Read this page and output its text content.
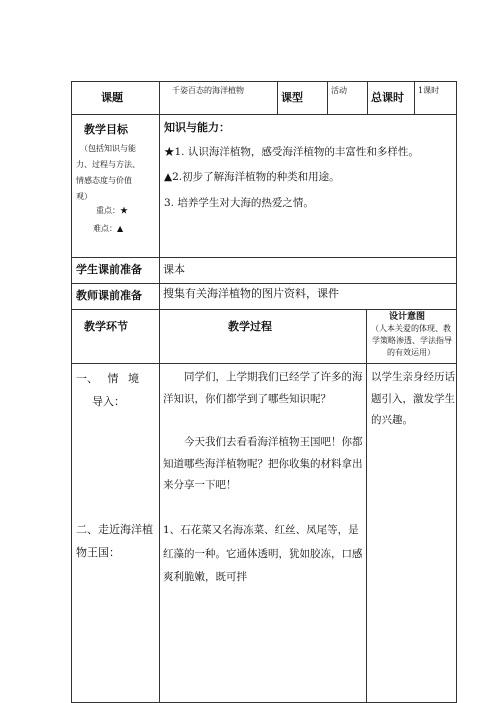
课题
千姿百态的海洋植物
课型
活动
总课时
1课时
教学目标
（包括知识与能
力、过程与方法、
情感态度与价值
观）
重点：★
难点：▲
知识与能力：
★1. 认识海洋植物，感受海洋植物的丰富性和多样性。
▲2.初步了解海洋植物的种类和用途。
3. 培养学生对大海的热爱之情。
学生课前准备 课本
教师课前准备 搜集有关海洋植物的图片资料，课件
教学环节	教学过程
设计意图
（人本关爱的体现、教
学策略渗透、学法指导
的有效运用）
一、 情 境
导入：
同学们，上学期我们已经学了许多的海洋知识，你们都学到了哪些知识呢？
今天我们去看看海洋植物王国吧！你都知道哪些海洋植物呢？把你收集的材料拿出来分享一下吧！
以学生亲身经历话题引入，激发学生的兴趣。
二、走近海洋植
物王国：
1、石花菜又名海冻菜、红丝、凤尾等，是红藻的一种。它通体透明，犹如胶冻，口感爽利脆嫩，既可拌
